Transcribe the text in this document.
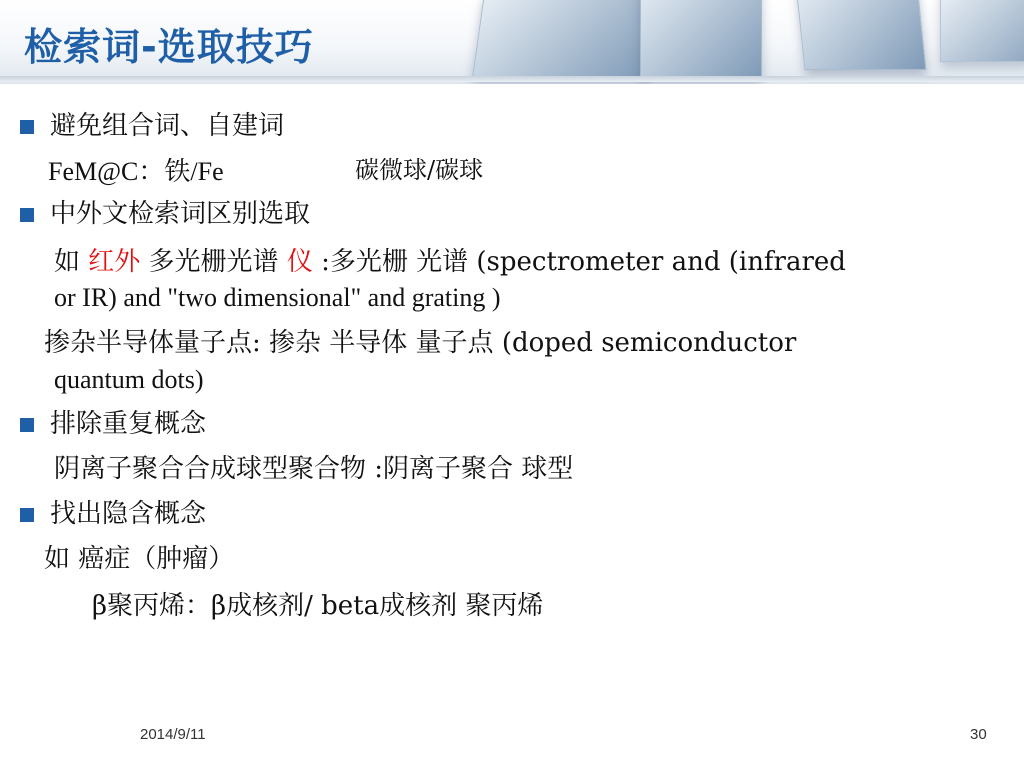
检索词-选取技巧
避免组合词、自建词
FeM@C：铁/Fe	碳微球/碳球
中外文检索词区别选取
如 红外 多光栅光谱 仪 :多光栅 光谱 (spectrometer and (infrared
or IR) and "two dimensional" and grating )
掺杂半导体量子点: 掺杂 半导体 量子点 (doped semiconductor
quantum dots)
排除重复概念
阴离子聚合合成球型聚合物 :阴离子聚合 球型
找出隐含概念
如 癌症（肿瘤）
β聚丙烯：β成核剂/ beta成核剂 聚丙烯
2014/9/11	30
